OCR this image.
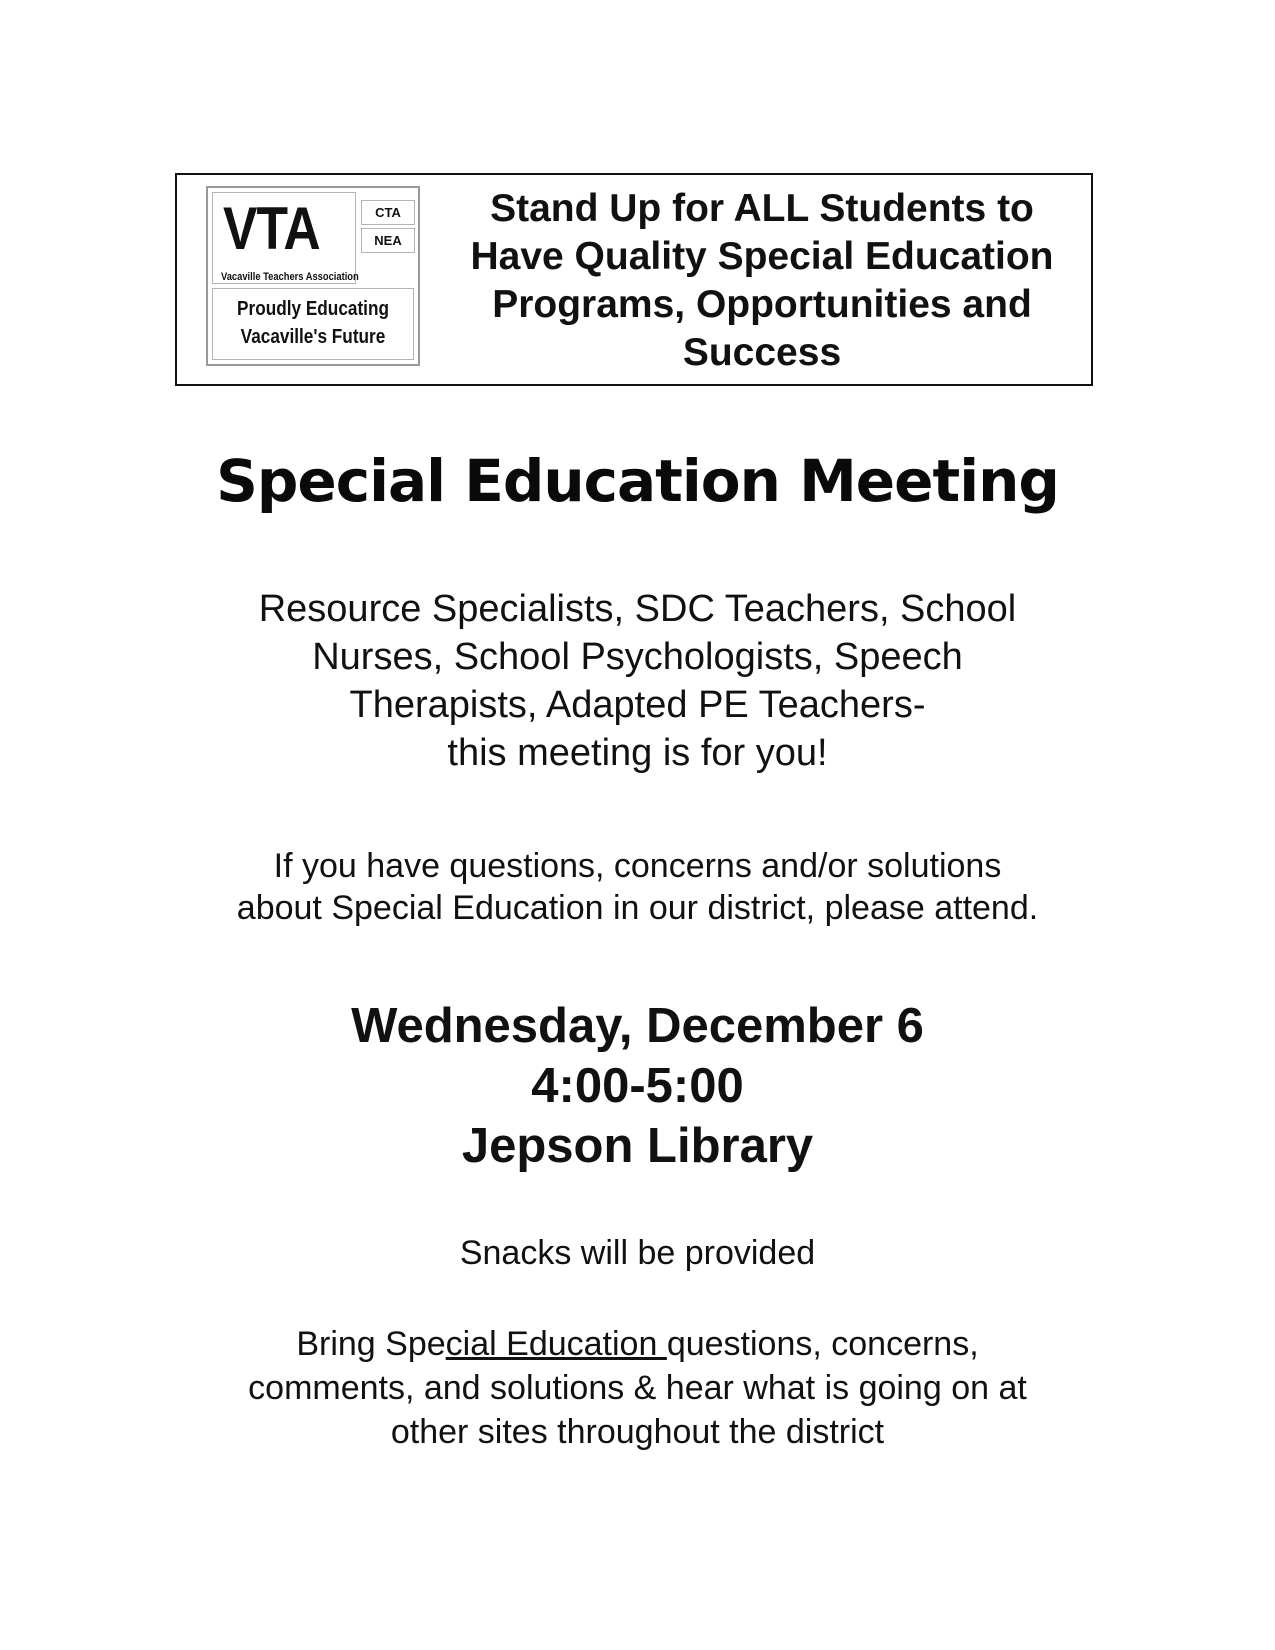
VTA
Vacaville Teachers Association
CTA
NEA
Proudly Educating
Vacaville's Future
Stand Up for ALL Students to
Have Quality Special Education
Programs, Opportunities and
Success
Special Education Meeting
Resource Specialists, SDC Teachers, School
Nurses, School Psychologists, Speech
Therapists, Adapted PE Teachers-
this meeting is for you!
If you have questions, concerns and/or solutions
about Special Education in our district, please attend.
Wednesday, December 6
4:00-5:00
Jepson Library
Snacks will be provided
Bring Special Education questions, concerns,
comments, and solutions & hear what is going on at
other sites throughout the district
